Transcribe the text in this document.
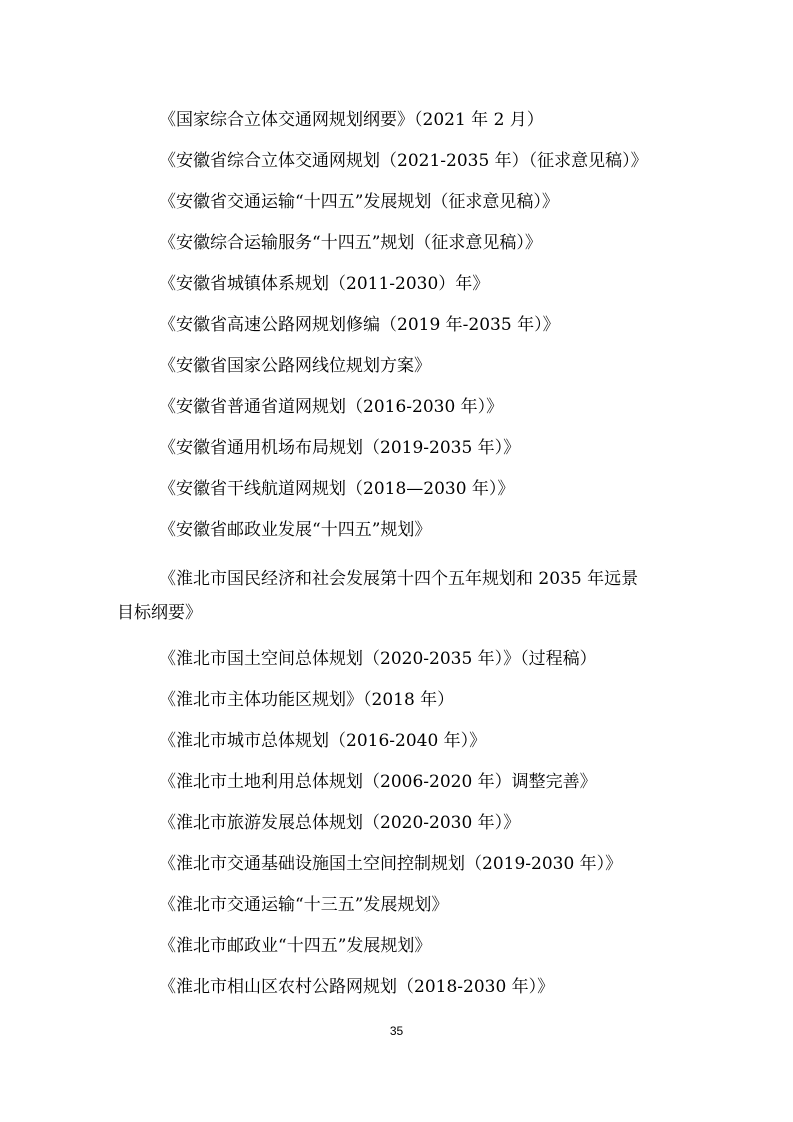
《国家综合立体交通网规划纲要》（2021 年 2 月）
《安徽省综合立体交通网规划（2021-2035 年）（征求意见稿）》
《安徽省交通运输“十四五”发展规划（征求意见稿）》
《安徽综合运输服务“十四五”规划（征求意见稿）》
《安徽省城镇体系规划（2011-2030）年》
《安徽省高速公路网规划修编（2019 年-2035 年）》
《安徽省国家公路网线位规划方案》
《安徽省普通省道网规划（2016-2030 年）》
《安徽省通用机场布局规划（2019-2035 年）》
《安徽省干线航道网规划（2018—2030 年）》
《安徽省邮政业发展“十四五”规划》
《淮北市国民经济和社会发展第十四个五年规划和 2035 年远景
目标纲要》
《淮北市国土空间总体规划（2020-2035 年）》（过程稿）
《淮北市主体功能区规划》（2018 年）
《淮北市城市总体规划（2016-2040 年）》
《淮北市土地利用总体规划（2006-2020 年）调整完善》
《淮北市旅游发展总体规划（2020-2030 年）》
《淮北市交通基础设施国土空间控制规划（2019-2030 年）》
《淮北市交通运输“十三五”发展规划》
《淮北市邮政业“十四五”发展规划》
《淮北市相山区农村公路网规划（2018-2030 年）》
35
